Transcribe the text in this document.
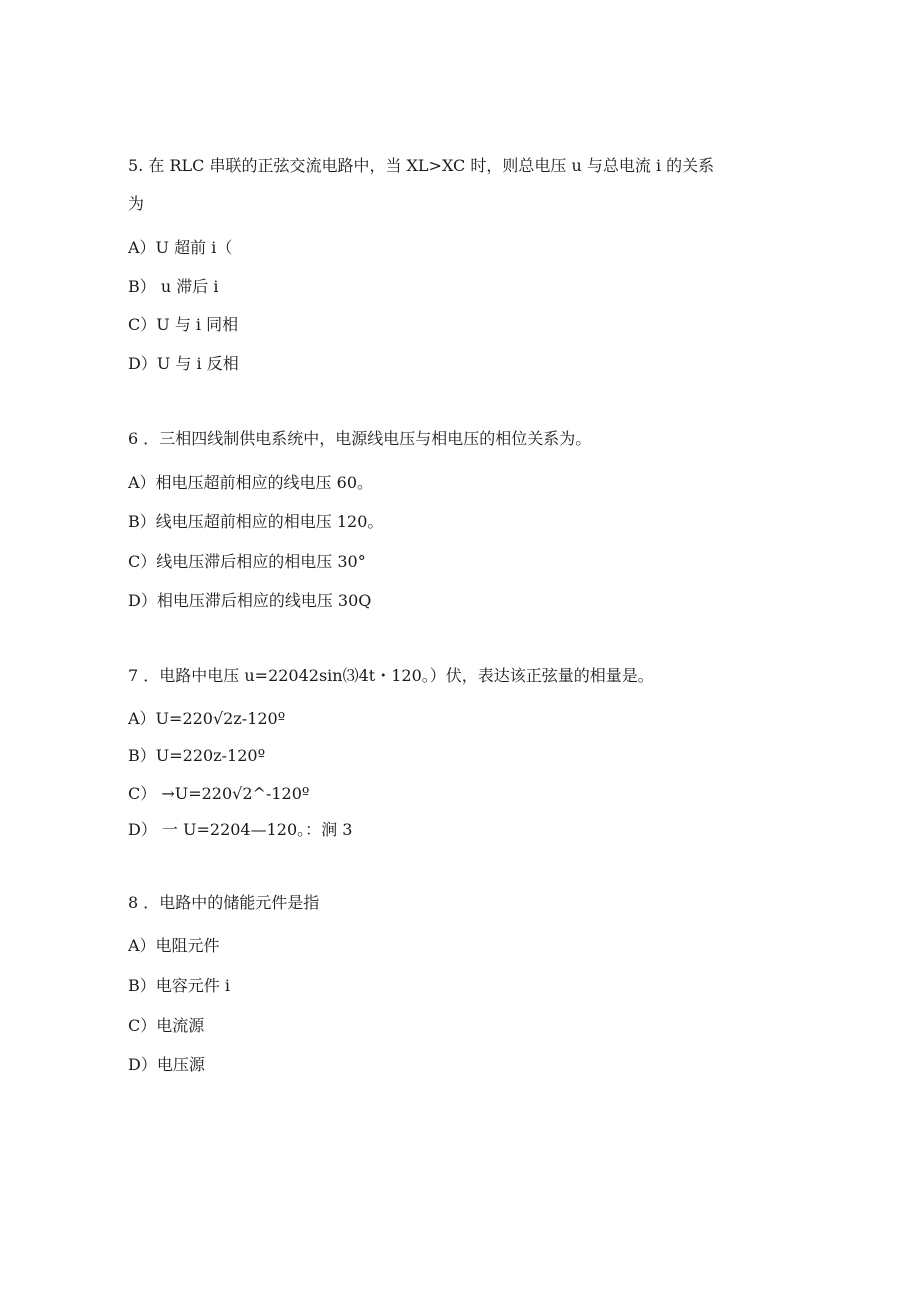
5. 在 RLC 串联的正弦交流电路中，当 XL>XC 时，则总电压 u 与总电流 i 的关系
为
A）U 超前 i（
B） u 滞后 i
C）U 与 i 同相
D）U 与 i 反相
6 ．三相四线制供电系统中，电源线电压与相电压的相位关系为。
A）相电压超前相应的线电压 60。
B）线电压超前相应的相电压 120。
C）线电压滞后相应的相电压 30°
D）相电压滞后相应的线电压 30Q
7 ．电路中电压 u=22042sin⑶4t・120。）伏，表达该正弦量的相量是。
A）U=220√2z-120º
B）U=220z-120º
C） →U=220√2^-120º
D） 一 U=2204—120。：涧 3
8 ．电路中的储能元件是指
A）电阻元件
B）电容元件 i
C）电流源
D）电压源
